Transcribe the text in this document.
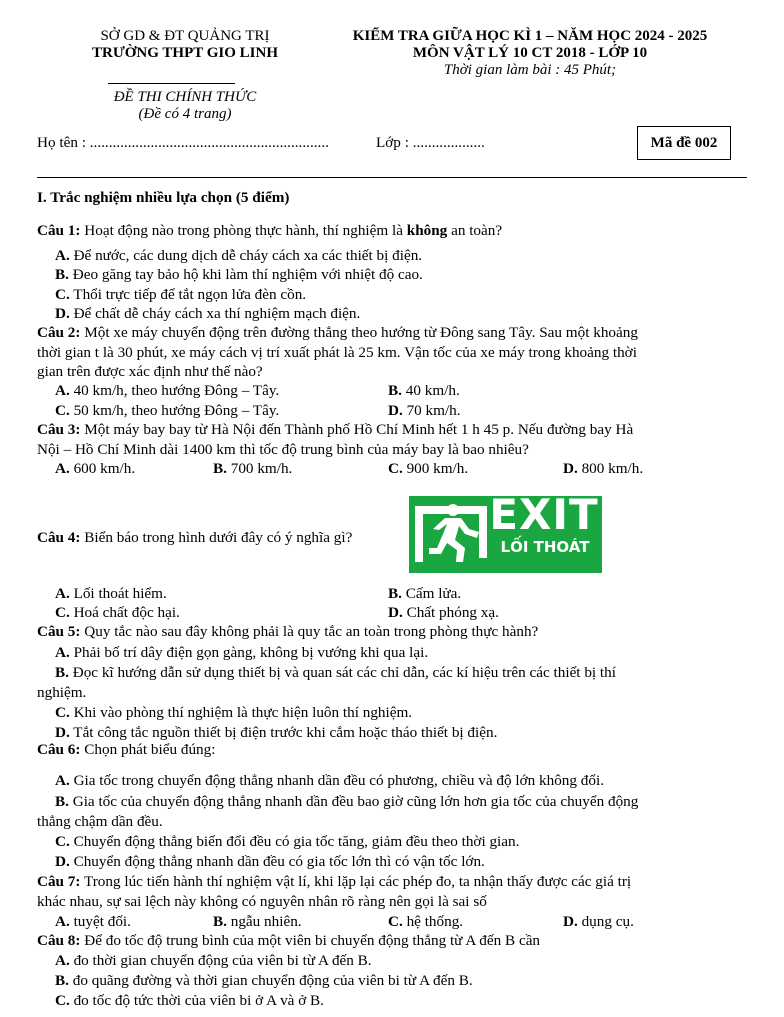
SỞ GD & ĐT QUẢNG TRỊ
TRƯỜNG THPT GIO LINH
KIỂM TRA GIỮA HỌC KÌ 1 – NĂM HỌC 2024 - 2025
MÔN VẬT LÝ 10 CT 2018 - LỚP 10
Thời gian làm bài : 45 Phút;
ĐỀ THI CHÍNH THỨC
(Đề có 4 trang)
Họ tên : ...............................................................	Lớp : ...................	Mã đề 002
I. Trắc nghiệm nhiều lựa chọn (5 điểm)
Câu 1: Hoạt động nào trong phòng thực hành, thí nghiệm là không an toàn?
A. Để nước, các dung dịch dễ cháy cách xa các thiết bị điện.
B. Đeo găng tay bảo hộ khi làm thí nghiệm với nhiệt độ cao.
C. Thổi trực tiếp để tắt ngọn lửa đèn cồn.
D. Để chất dễ cháy cách xa thí nghiệm mạch điện.
Câu 2: Một xe máy chuyển động trên đường thẳng theo hướng từ Đông sang Tây. Sau một khoảng
thời gian t là 30 phút, xe máy cách vị trí xuất phát là 25 km. Vận tốc của xe máy trong khoảng thời
gian trên được xác định như thế nào?
A. 40 km/h, theo hướng Đông – Tây.	B. 40 km/h.
C. 50 km/h, theo hướng Đông – Tây.	D. 70 km/h.
Câu 3: Một máy bay bay từ Hà Nội đến Thành phố Hồ Chí Minh hết 1 h 45 p. Nếu đường bay Hà
Nội – Hồ Chí Minh dài 1400 km thì tốc độ trung bình của máy bay là bao nhiêu?
A. 600 km/h.	B. 700 km/h.	C. 900 km/h.	D. 800 km/h.
Câu 4: Biển báo trong hình dưới đây có ý nghĩa gì?	EXIT
LỐI THOÁT
A. Lối thoát hiểm.	B. Cấm lửa.
C. Hoá chất độc hại.	D. Chất phóng xạ.
Câu 5: Quy tắc nào sau đây không phải là quy tắc an toàn trong phòng thực hành?
A. Phải bố trí dây điện gọn gàng, không bị vướng khi qua lại.
B. Đọc kĩ hướng dẫn sử dụng thiết bị và quan sát các chỉ dẫn, các kí hiệu trên các thiết bị thí
nghiệm.
C. Khi vào phòng thí nghiệm là thực hiện luôn thí nghiệm.
D. Tắt công tắc nguồn thiết bị điện trước khi cắm hoặc tháo thiết bị điện.
Câu 6: Chọn phát biểu đúng:
A. Gia tốc trong chuyển động thẳng nhanh dần đều có phương, chiều và độ lớn không đổi.
B. Gia tốc của chuyển động thẳng nhanh dần đều bao giờ cũng lớn hơn gia tốc của chuyển động
thẳng chậm dần đều.
C. Chuyển động thẳng biến đổi đều có gia tốc tăng, giảm đều theo thời gian.
D. Chuyển động thẳng nhanh dần đều có gia tốc lớn thì có vận tốc lớn.
Câu 7: Trong lúc tiến hành thí nghiệm vật lí, khi lặp lại các phép đo, ta nhận thấy được các giá trị
khác nhau, sự sai lệch này không có nguyên nhân rõ ràng nên gọi là sai số
A. tuyệt đối.	B. ngẫu nhiên.	C. hệ thống.	D. dụng cụ.
Câu 8: Để đo tốc độ trung bình của một viên bi chuyển động thẳng từ A đến B cần
A. đo thời gian chuyển động của viên bi từ A đến B.
B. đo quãng đường và thời gian chuyển động của viên bi từ A đến B.
C. đo tốc độ tức thời của viên bi ở A và ở B.
